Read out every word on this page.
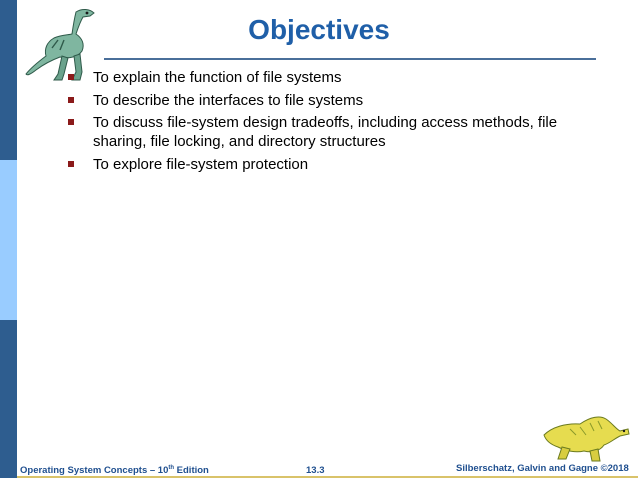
Objectives
To explain the function of file systems
To describe the interfaces to file systems
To discuss file-system design tradeoffs, including access methods, file sharing, file locking, and directory structures
To explore file-system protection
Operating System Concepts – 10th Edition	13.3	Silberschatz, Galvin and Gagne ©2018
